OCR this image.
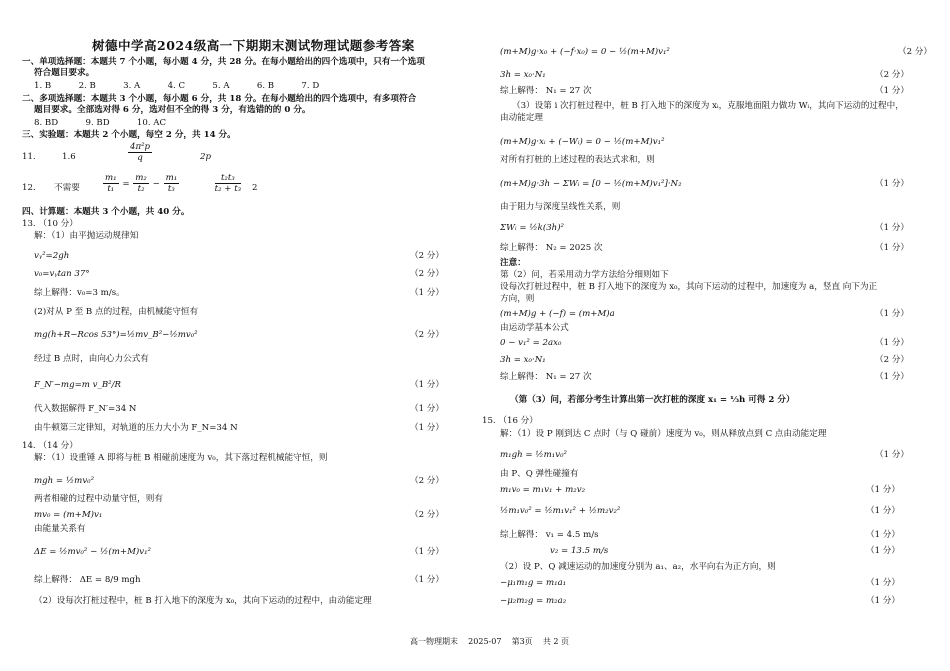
树德中学高2024级高一下期期末测试物理试题参考答案
一、单项选择题：本题共 7 个小题，每小题 4 分，共 28 分。在每小题给出的四个选项中，只有一个选项
符合题目要求。
1. B          2. B          3. A          4. C          5. A          6. B          7. D
二、多项选择题：本题共 3 个小题，每小题 6 分，共 18 分。在每小题给出的四个选项中，有多项符合
题目要求。全部选对得 6 分，选对但不全的得 3 分，有选错的的 0 分。
8. BD          9. BD          10. AC
三、实验题：本题共 2 个小题，每空 2 分，共 14 分。
11.	1.6	$\frac{\text{4π²p}}{q}$	2p
12. 不需要	$\frac{\text{m₁}}{\text{t₁}} = \frac{\text{m₂}}{\text{t₂}} - \frac{\text{m₁}}{\text{t₃}}$
	$\frac{\text{t₂t₃}}{\text{t₂ + t₃}} 2$
四、计算题：本题共 3 个小题，共 40 分。
13. （10 分）
解：（1）由平抛运动规律知
vᵧ²=2gh	（2 分）
v₀=vᵧtan 37°	（2 分）
综上解得：v₀=3 m/s。	（1 分）
(2)对从 P 至 B 点的过程，由机械能守恒有
mg(h+R−Rcos 53°)=½mv_B²−½mv₀²	（2 分）
经过 B 点时，由向心力公式有
F_N′−mg=m v_B²/R	（1 分）
代入数据解得 F_N′=34 N	（1 分）
由牛顿第三定律知，对轨道的压力大小为 F_N=34 N	（1 分）
14. （14 分）
解：（1）设重锤 A 即将与桩 B 相碰前速度为 v₀，其下落过程机械能守恒，则
mgh = ½mv₀²	（2 分）
两者相碰的过程中动量守恒，则有
mv₀ = (m+M)v₁	（2 分）
由能量关系有
ΔE = ½mv₀² − ½(m+M)v₁²	（1 分）
综上解得： ΔE = 8/9 mgh	（1 分）
（2）设每次打桩过程中，桩 B 打入地下的深度为 x₀，其向下运动的过程中，由动能定理
(m+M)g·x₀ + (−f·x₀) = 0 − ½(m+M)v₁²	（2 分）
3h = x₀·N₁	（2 分）
综上解得： N₁ = 27 次	（1 分）
（3）设第 i 次打桩过程中，桩 B 打入地下的深度为 xᵢ，克服地面阻力做功 Wᵢ，其向下运动的过程中，
由动能定理
(m+M)g·xᵢ + (−Wᵢ) = 0 − ½(m+M)v₁²
对所有打桩的上述过程的表达式求和，则
(m+M)g·3h − ΣWᵢ = [0 − ½(m+M)v₁²]·N₂	（1 分）
由于阻力与深度呈线性关系，则
ΣWᵢ = ½k(3h)²	（1 分）
综上解得： N₂ = 2025 次	（1 分）
注意：
第（2）问，若采用动力学方法给分细则如下
设每次打桩过程中，桩 B 打入地下的深度为 x₀，其向下运动的过程中，加速度为 a，竖直 向下为正
方向，则
(m+M)g + (−f) = (m+M)a	（1 分）
由运动学基本公式
0 − v₁² = 2ax₀	（1 分）
3h = x₀·N₁	（2 分）
综上解得： N₁ = 27 次	（1 分）
（第（3）问，若部分考生计算出第一次打桩的深度 x₁ = ⅓h 可得 2 分）
15. （16 分）
解：（1）设 P 刚到达 C 点时（与 Q 碰前）速度为 v₀，则从释放点到 C 点由动能定理
m₁gh = ½m₁v₀²	（1 分）
由 P、Q 弹性碰撞有
m₁v₀ = m₁v₁ + m₂v₂	（1 分）
½m₁v₀² = ½m₁v₁² + ½m₂v₂²	（1 分）
综上解得： v₁ = 4.5 m/s	（1 分）
v₂ = 13.5 m/s	（1 分）
（2）设 P、Q 减速运动的加速度分别为 a₁、a₂，水平向右为正方向，则
−μ₁m₁g = m₁a₁	（1 分）
−μ₂m₂g = m₂a₂	（1 分）
高一物理期末    2025-07    第3页    共 2 页
